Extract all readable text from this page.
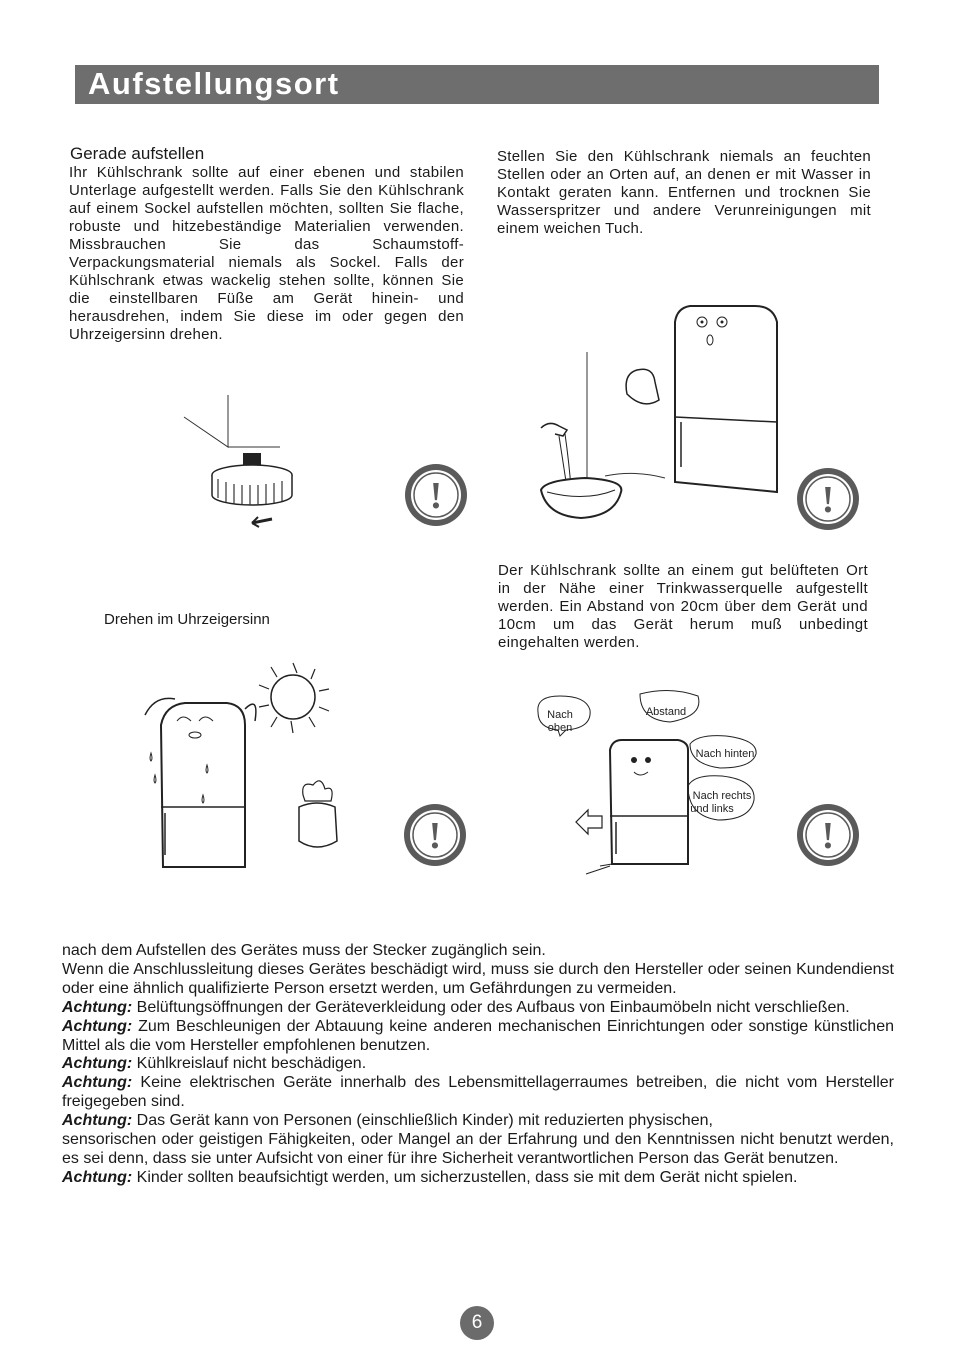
Aufstellungsort
Gerade aufstellen

Ihr Kühlschrank sollte auf einer ebenen und stabilen Unterlage aufgestellt werden. Falls Sie den Kühlschrank auf einem Sockel aufstellen möchten, sollten Sie flache, robuste und hitzebeständige Materialien verwenden. Missbrauchen Sie das Schaumstoff-Verpackungsmaterial niemals als Sockel. Falls der Kühlschrank etwas wackelig stehen sollte, können Sie die einstellbaren Füße am Gerät hinein- und herausdrehen, indem Sie diese im oder gegen den Uhrzeigersinn drehen.

Stellen Sie den Kühlschrank niemals an feuchten Stellen oder an Orten auf, an denen er mit Wasser in Kontakt geraten kann. Entfernen und trocknen Sie Wasserspritzer und andere Verunreinigungen mit einem weichen Tuch.

!	!
!	!
Drehen im Uhrzeigersinn

Der Kühlschrank sollte an einem gut belüfteten Ort in der Nähe einer Trinkwasserquelle aufgestellt werden. Ein Abstand von 20cm über dem Gerät und 10cm um das Gerät herum muß unbedingt eingehalten werden.

Nach
oben
Abstand
Nach hinten
Nach rechts
und links

nach dem Aufstellen des Gerätes muss der Stecker zugänglich sein.

Wenn die Anschlussleitung dieses Gerätes beschädigt wird, muss sie durch den Hersteller oder seinen Kundendienst oder eine ähnlich qualifizierte Person ersetzt werden, um Gefährdungen zu vermeiden.

Achtung: Belüftungsöffnungen der Geräteverkleidung oder des Aufbaus von Einbaumöbeln nicht verschließen.

Achtung: Zum Beschleunigen der Abtauung keine anderen mechanischen Einrichtungen oder sonstige künstlichen Mittel als die vom Hersteller empfohlenen benutzen.

Achtung: Kühlkreislauf nicht beschädigen.

Achtung: Keine elektrischen Geräte innerhalb des Lebensmittellagerraumes betreiben, die nicht vom Hersteller freigegeben sind.

Achtung: Das Gerät kann von Personen (einschließlich Kinder) mit reduzierten physischen,

sensorischen oder geistigen Fähigkeiten, oder Mangel an der Erfahrung und den Kenntnissen nicht benutzt werden, es sei denn, dass sie unter Aufsicht von einer für ihre Sicherheit verantwortlichen Person das Gerät benutzen.

Achtung: Kinder sollten beaufsichtigt werden, um sicherzustellen, dass sie mit dem Gerät nicht spielen.

6
